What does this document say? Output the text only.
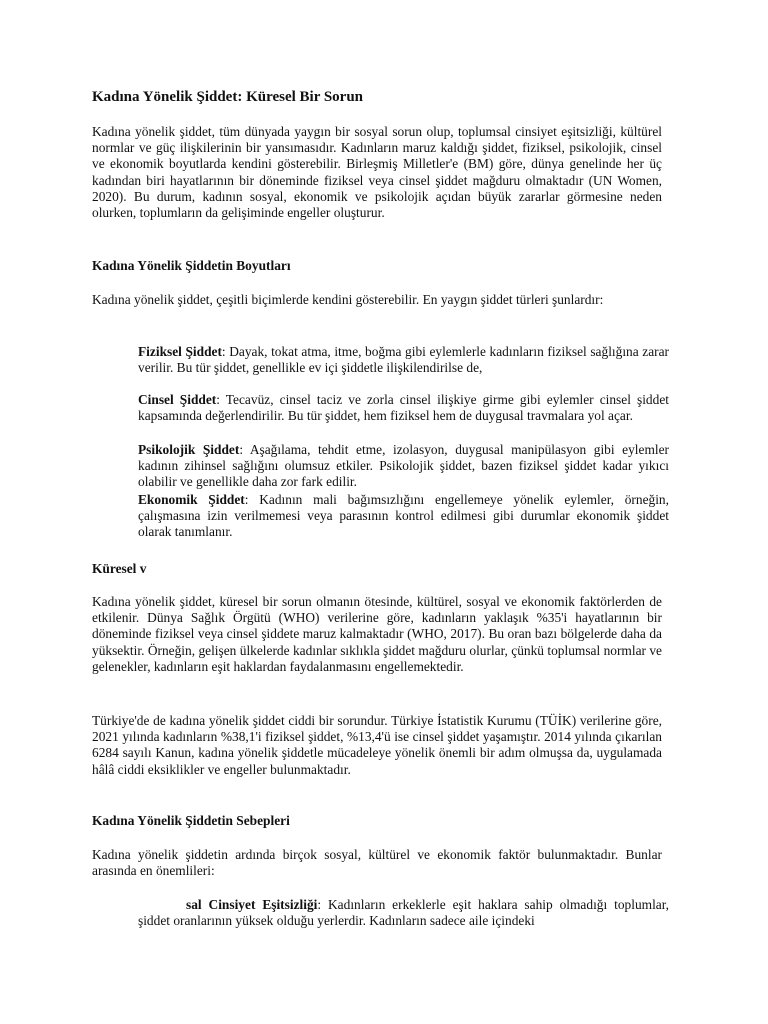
Kadına Yönelik Şiddet: Küresel Bir Sorun

Kadına yönelik şiddet, tüm dünyada yaygın bir sosyal sorun olup, toplumsal cinsiyet eşitsizliği, kültürel normlar ve güç ilişkilerinin bir yansımasıdır. Kadınların maruz kaldığı şiddet, fiziksel, psikolojik, cinsel ve ekonomik boyutlarda kendini gösterebilir. Birleşmiş Milletler'e (BM) göre, dünya genelinde her üç kadından biri hayatlarının bir döneminde fiziksel veya cinsel şiddet mağduru olmaktadır (UN Women, 2020). Bu durum, kadının sosyal, ekonomik ve psikolojik açıdan büyük zararlar görmesine neden olurken, toplumların da gelişiminde engeller oluşturur.

Kadına Yönelik Şiddetin Boyutları

Kadına yönelik şiddet, çeşitli biçimlerde kendini gösterebilir. En yaygın şiddet türleri şunlardır:

Fiziksel Şiddet: Dayak, tokat atma, itme, boğma gibi eylemlerle kadınların fiziksel sağlığına zarar verilir. Bu tür şiddet, genellikle ev içi şiddetle ilişkilendirilse de,

Cinsel Şiddet: Tecavüz, cinsel taciz ve zorla cinsel ilişkiye girme gibi eylemler cinsel şiddet kapsamında değerlendirilir. Bu tür şiddet, hem fiziksel hem de duygusal travmalara yol açar.

Psikolojik Şiddet: Aşağılama, tehdit etme, izolasyon, duygusal manipülasyon gibi eylemler kadının zihinsel sağlığını olumsuz etkiler. Psikolojik şiddet, bazen fiziksel şiddet kadar yıkıcı olabilir ve genellikle daha zor fark edilir.

Ekonomik Şiddet: Kadının mali bağımsızlığını engellemeye yönelik eylemler, örneğin, çalışmasına izin verilmemesi veya parasının kontrol edilmesi gibi durumlar ekonomik şiddet olarak tanımlanır.

Küresel v

Kadına yönelik şiddet, küresel bir sorun olmanın ötesinde, kültürel, sosyal ve ekonomik faktörlerden de etkilenir. Dünya Sağlık Örgütü (WHO) verilerine göre, kadınların yaklaşık %35'i hayatlarının bir döneminde fiziksel veya cinsel şiddete maruz kalmaktadır (WHO, 2017). Bu oran bazı bölgelerde daha da yüksektir. Örneğin, gelişen ülkelerde kadınlar sıklıkla şiddet mağduru olurlar, çünkü toplumsal normlar ve gelenekler, kadınların eşit haklardan faydalanmasını engellemektedir.

Türkiye'de de kadına yönelik şiddet ciddi bir sorundur. Türkiye İstatistik Kurumu (TÜİK) verilerine göre, 2021 yılında kadınların %38,1'i fiziksel şiddet, %13,4'ü ise cinsel şiddet yaşamıştır. 2014 yılında çıkarılan 6284 sayılı Kanun, kadına yönelik şiddetle mücadeleye yönelik önemli bir adım olmuşsa da, uygulamada hâlâ ciddi eksiklikler ve engeller bulunmaktadır.

Kadına Yönelik Şiddetin Sebepleri

Kadına yönelik şiddetin ardında birçok sosyal, kültürel ve ekonomik faktör bulunmaktadır. Bunlar arasında en önemlileri:

sal Cinsiyet Eşitsizliği: Kadınların erkeklerle eşit haklara sahip olmadığı toplumlar, şiddet oranlarının yüksek olduğu yerlerdir. Kadınların sadece aile içindeki
